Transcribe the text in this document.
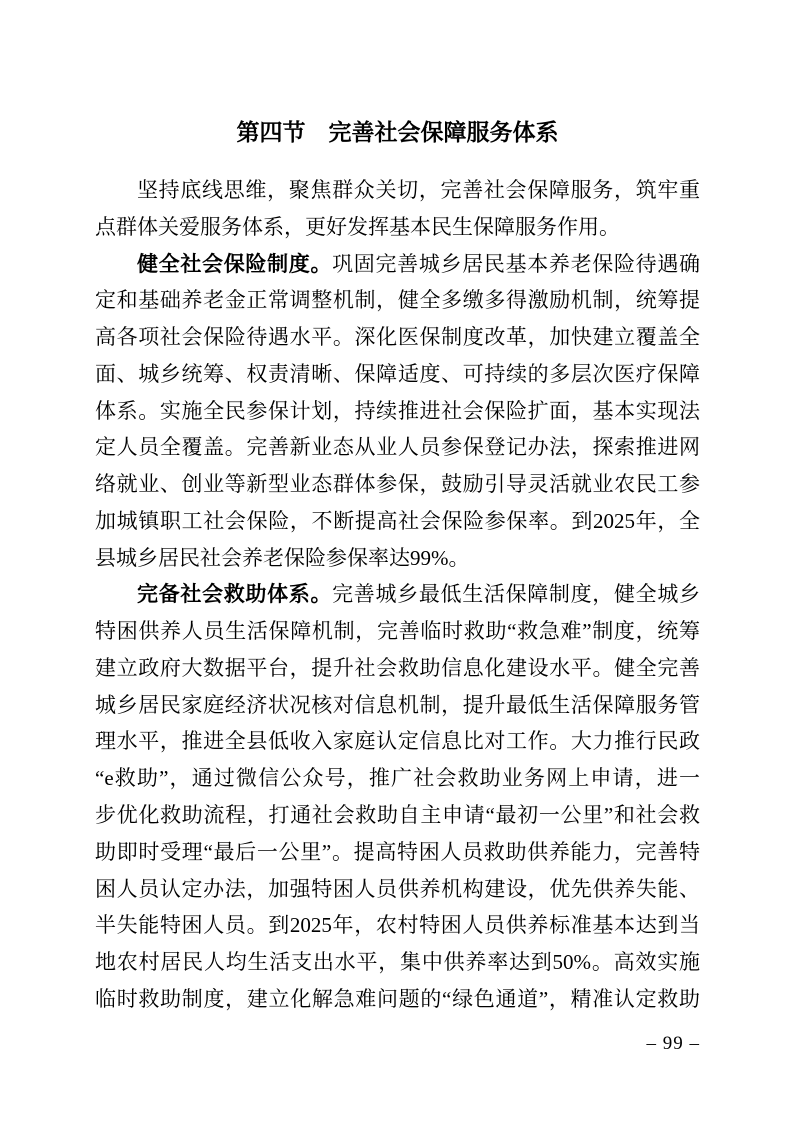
第四节　完善社会保障服务体系

坚持底线思维，聚焦群众关切，完善社会保障服务，筑牢重
点群体关爱服务体系，更好发挥基本民生保障服务作用。

健全社会保险制度。巩固完善城乡居民基本养老保险待遇确
定和基础养老金正常调整机制，健全多缴多得激励机制，统筹提
高各项社会保险待遇水平。深化医保制度改革，加快建立覆盖全
面、城乡统筹、权责清晰、保障适度、可持续的多层次医疗保障
体系。实施全民参保计划，持续推进社会保险扩面，基本实现法
定人员全覆盖。完善新业态从业人员参保登记办法，探索推进网
络就业、创业等新型业态群体参保，鼓励引导灵活就业农民工参
加城镇职工社会保险，不断提高社会保险参保率。到2025年，全
县城乡居民社会养老保险参保率达99%。

完备社会救助体系。完善城乡最低生活保障制度，健全城乡
特困供养人员生活保障机制，完善临时救助“救急难”制度，统筹
建立政府大数据平台，提升社会救助信息化建设水平。健全完善
城乡居民家庭经济状况核对信息机制，提升最低生活保障服务管
理水平，推进全县低收入家庭认定信息比对工作。大力推行民政
“e救助”，通过微信公众号，推广社会救助业务网上申请，进一
步优化救助流程，打通社会救助自主申请“最初一公里”和社会救
助即时受理“最后一公里”。提高特困人员救助供养能力，完善特
困人员认定办法，加强特困人员供养机构建设，优先供养失能、
半失能特困人员。到2025年，农村特困人员供养标准基本达到当
地农村居民人均生活支出水平，集中供养率达到50%。高效实施
临时救助制度，建立化解急难问题的“绿色通道”，精准认定救助

– 99 –
